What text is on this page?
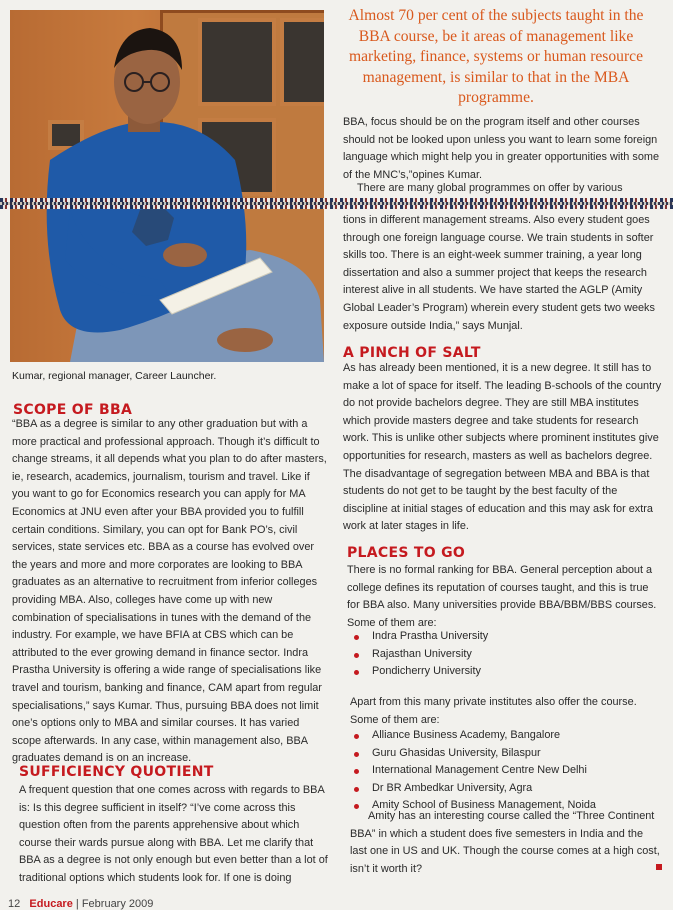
Kumar, regional manager, Career Launcher.
Almost 70 per cent of the subjects taught in the BBA course, be it areas of management like marketing, finance, systems or human resource management, is similar to that in the MBA programme.
SCOPE OF BBA

“BBA as a degree is similar to any other graduation but with a more practical and professional approach. Though it’s difficult to change streams, it all depends what you plan to do after masters, ie, research, academics, journalism, tourism and travel. Like if you want to go for Economics research you can apply for MA Economics at JNU even after your BBA provided you to fulfill certain conditions. Similary, you can opt for Bank PO’s, civil services, state services etc. BBA as a course has evolved over the years and more and more corporates are looking to BBA graduates as an alternative to recruitment from inferior colleges providing MBA. Also, colleges have come up with new combination of specialisations in tunes with the demand of the industry. For example, we have BFIA at CBS which can be attributed to the ever growing demand in finance sector. Indra Prastha University is offering a wide range of specialisations like travel and tourism, banking and finance, CAM apart from regular specialisations,” says Kumar. Thus, pursuing BBA does not limit one’s options only to MBA and similar courses. It has varied scope afterwards. In any case, within management also, BBA graduates demand is on an increase.

SUFFICIENCY QUOTIENT

A frequent question that one comes across with regards to BBA is: Is this degree sufficient in itself? “I’ve come across this question often from the parents apprehensive about which course their wards pursue along with BBA. Let me clarify that BBA as a degree is not only enough but even better than a lot of traditional options which students look for. If one is doing

BBA, focus should be on the program itself and other courses should not be looked upon unless you want to learn some foreign language which might help you in greater opportunities with some of the MNC’s,”opines Kumar.

There are many global programmes on offer by various

tions in different management streams. Also every student goes through one foreign language course. We train students in softer skills too. There is an eight-week summer training, a year long dissertation and also a summer project that keeps the research interest alive in all students. We have started the AGLP (Amity Global Leader’s Program) wherein every student gets two weeks exposure outside India,” says Munjal.

A PINCH OF SALT

As has already been mentioned, it is a new degree. It still has to make a lot of space for itself. The leading B-schools of the country do not provide bachelors degree. They are still MBA institutes which provide masters degree and take students for research work. This is unlike other subjects where prominent institutes give opportunities for research, masters as well as bachelors degree. The disadvantage of segregation between MBA and BBA is that students do not get to be taught by the best faculty of the discipline at initial stages of education and this may ask for extra work at later stages in life.

PLACES TO GO

There is no formal ranking for BBA. General perception about a college defines its reputation of courses taught, and this is true for BBA also. Many universities provide BBA/BBM/BBS courses. Some of them are:

Indra Prastha University
Rajasthan University
Pondicherry University

Apart from this many private institutes also offer the course. Some of them are:

Alliance Business Academy, Bangalore
Guru Ghasidas University, Bilaspur
International Management Centre New Delhi
Dr BR Ambedkar University, Agra
Amity School of Business Management, Noida

Amity has an interesting course called the “Three Continent BBA” in which a student does five semesters in India and the last one in US and UK. Though the course comes at a high cost, isn’t it worth it?

12 Educare | February 2009
